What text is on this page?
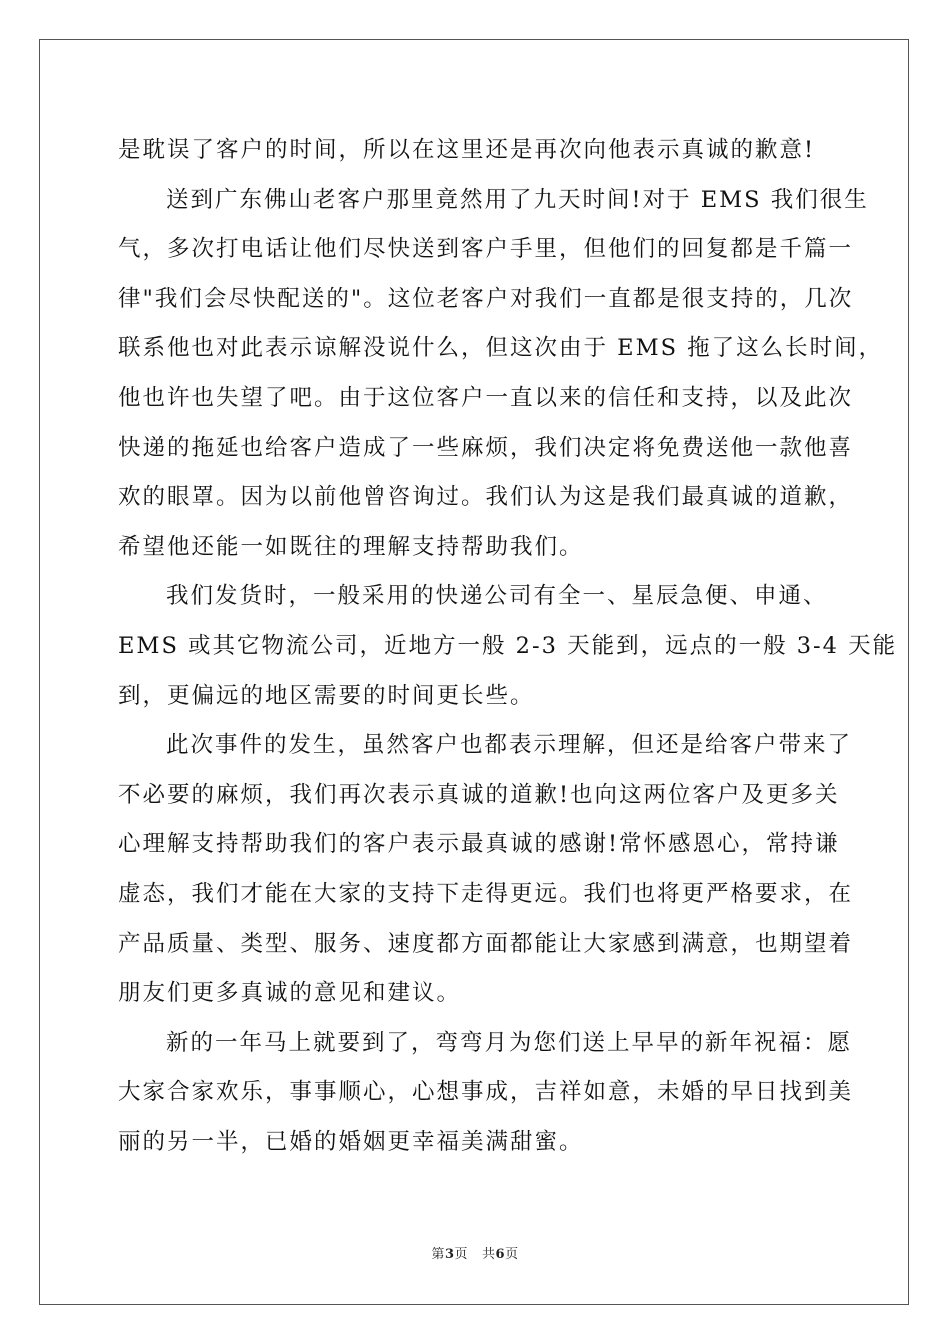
是耽误了客户的时间，所以在这里还是再次向他表示真诚的歉意!
送到广东佛山老客户那里竟然用了九天时间!对于 EMS 我们很生
气，多次打电话让他们尽快送到客户手里，但他们的回复都是千篇一
律"我们会尽快配送的"。这位老客户对我们一直都是很支持的，几次
联系他也对此表示谅解没说什么，但这次由于 EMS 拖了这么长时间，
他也许也失望了吧。由于这位客户一直以来的信任和支持，以及此次
快递的拖延也给客户造成了一些麻烦，我们决定将免费送他一款他喜
欢的眼罩。因为以前他曾咨询过。我们认为这是我们最真诚的道歉，
希望他还能一如既往的理解支持帮助我们。
我们发货时，一般采用的快递公司有全一、星辰急便、申通、
EMS 或其它物流公司，近地方一般 2-3 天能到，远点的一般 3-4 天能
到，更偏远的地区需要的时间更长些。
此次事件的发生，虽然客户也都表示理解，但还是给客户带来了
不必要的麻烦，我们再次表示真诚的道歉!也向这两位客户及更多关
心理解支持帮助我们的客户表示最真诚的感谢!常怀感恩心，常持谦
虚态，我们才能在大家的支持下走得更远。我们也将更严格要求，在
产品质量、类型、服务、速度都方面都能让大家感到满意，也期望着
朋友们更多真诚的意见和建议。
新的一年马上就要到了，弯弯月为您们送上早早的新年祝福：愿
大家合家欢乐，事事顺心，心想事成，吉祥如意，未婚的早日找到美
丽的另一半，已婚的婚姻更幸福美满甜蜜。
第3页 共6页
